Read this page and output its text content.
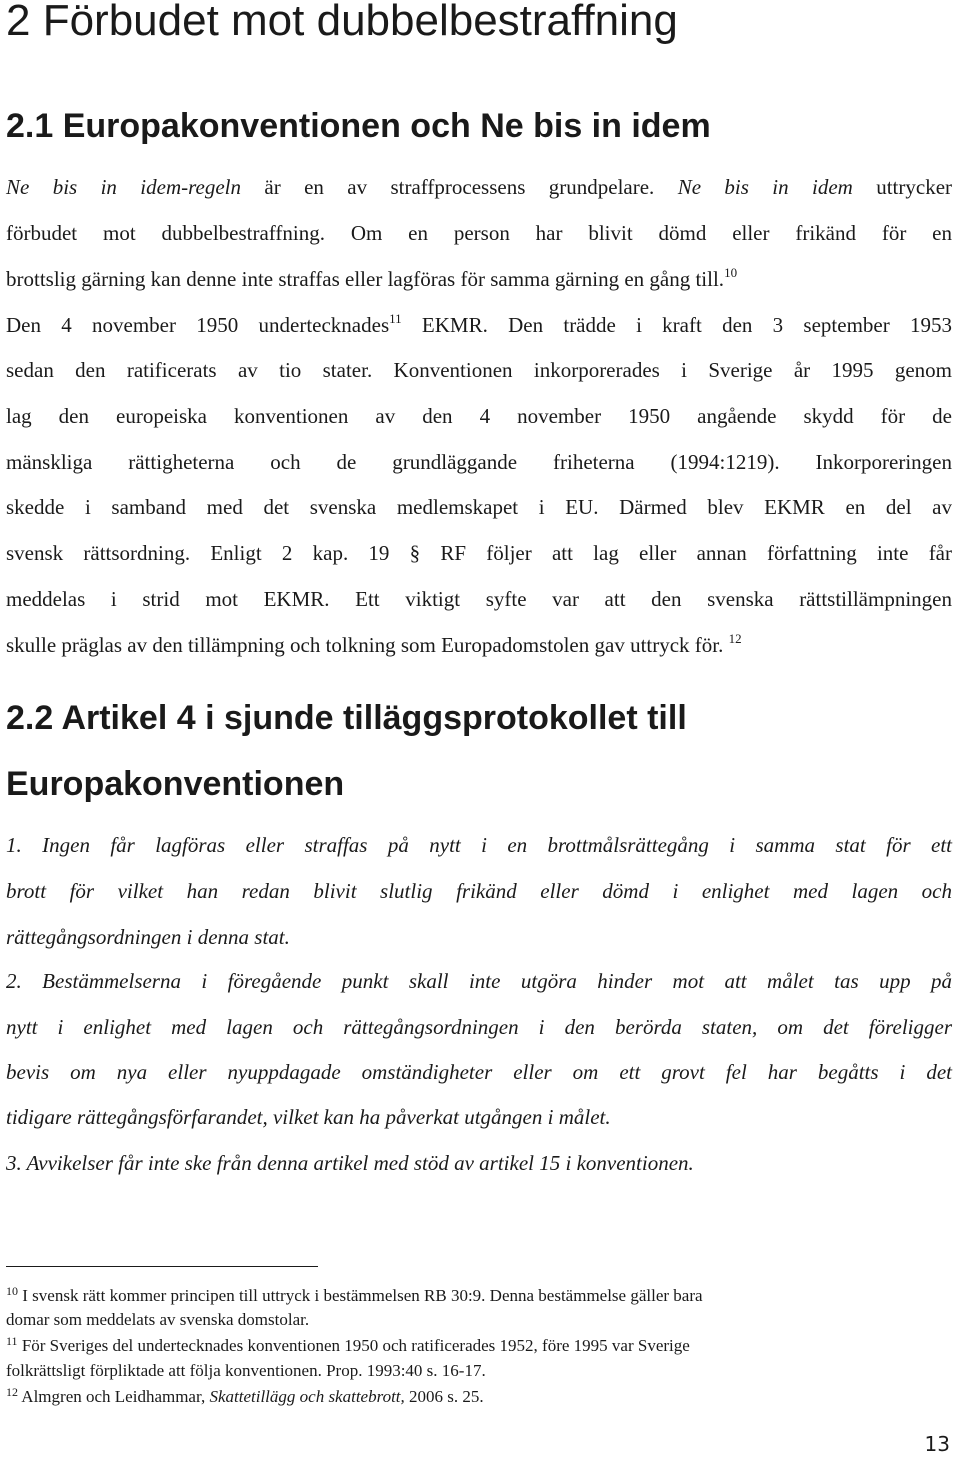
2 Förbudet mot dubbelbestraffning
2.1 Europakonventionen och Ne bis in idem
Ne bis in idem-regeln är en av straffprocessens grundpelare. Ne bis in idem uttrycker
förbudet mot dubbelbestraffning. Om en person har blivit dömd eller frikänd för en
brottslig gärning kan denne inte straffas eller lagföras för samma gärning en gång till.$^{10}$
Den 4 november 1950 undertecknades$^{11}$ EKMR. Den trädde i kraft den 3 september 1953
sedan den ratificerats av tio stater. Konventionen inkorporerades i Sverige år 1995 genom
lag den europeiska konventionen av den 4 november 1950 angående skydd för de
mänskliga rättigheterna och de grundläggande friheterna (1994:1219). Inkorporeringen
skedde i samband med det svenska medlemskapet i EU. Därmed blev EKMR en del av
svensk rättsordning. Enligt 2 kap. 19 § RF följer att lag eller annan författning inte får
meddelas i strid mot EKMR. Ett viktigt syfte var att den svenska rättstillämpningen
skulle präglas av den tillämpning och tolkning som Europadomstolen gav uttryck för. $^{12}$
2.2 Artikel 4 i sjunde tilläggsprotokollet till
Europakonventionen
1. Ingen får lagföras eller straffas på nytt i en brottmålsrättegång i samma stat för ett
brott för vilket han redan blivit slutlig frikänd eller dömd i enlighet med lagen och
rättegångsordningen i denna stat.
2. Bestämmelserna i föregående punkt skall inte utgöra hinder mot att målet tas upp på
nytt i enlighet med lagen och rättegångsordningen i den berörda staten, om det föreligger
bevis om nya eller nyuppdagade omständigheter eller om ett grovt fel har begåtts i det
tidigare rättegångsförfarandet, vilket kan ha påverkat utgången i målet.
3. Avvikelser får inte ske från denna artikel med stöd av artikel 15 i konventionen.
$^{10}$ I svensk rätt kommer principen till uttryck i bestämmelsen RB 30:9. Denna bestämmelse gäller bara
domar som meddelats av svenska domstolar.
$^{11}$ För Sveriges del undertecknades konventionen 1950 och ratificerades 1952, före 1995 var Sverige
folkrättsligt förpliktade att följa konventionen. Prop. 1993:40 s. 16-17.
$^{12}$ Almgren och Leidhammar, Skattetillägg och skattebrott, 2006 s. 25.
13
